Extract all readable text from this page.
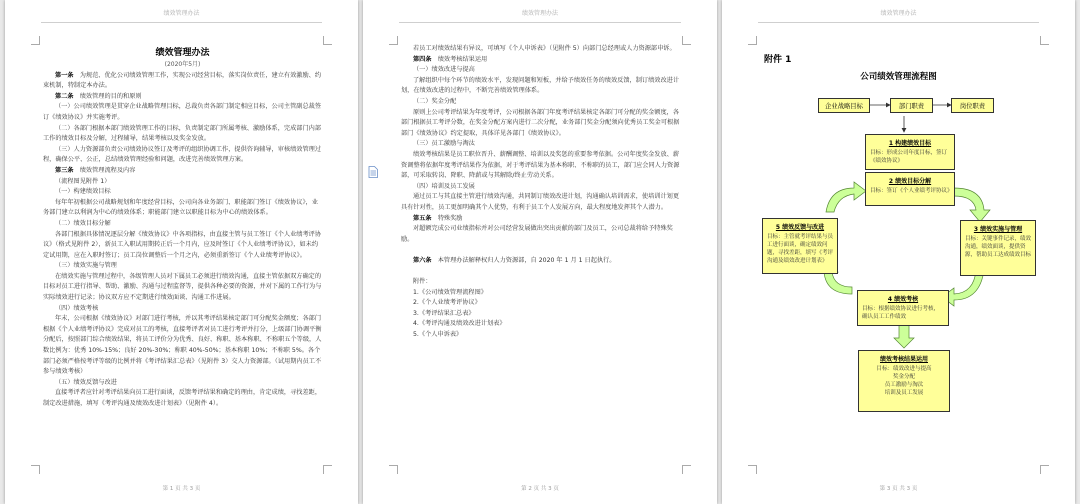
绩效管理办法

绩效管理办法

(2020年5月)

第一条　 为规范、优化公司绩效管理工作，实现公司经营目标，落实岗位责任，建立有效激励、约束机制，特制定本办法。

第二条　 绩效管理的目的和原则

（一）公司绩效管理是贯穿企业战略管理目标，总裁负责各部门制定相应目标，公司主管副总裁签订《绩效协议》并实施考评。

（二）各部门根据本部门绩效管理工作的目标，负责制定部门所属考核、激励体系，完成部门内部工作的绩效目标及分解，过程辅导，结果考核以及奖金发放。

（三）人力资源部负责公司绩效协议签订及考评的组织协调工作，提供咨询辅导，审核绩效管理过程，确保公平、公正，总结绩效管理经验和问题，改进完善绩效管理方案。

第三条　 绩效管理流程及内容

（流程图见附件 1）

（一）构建绩效目标

每年年初根据公司战略规划和年度经营目标，公司向各业务部门、职能部门签订《绩效协议》，业务部门建立以利润为中心的绩效体系；职能部门建立以职能目标为中心的绩效体系。

（二）绩效目标分解

各部门根据具体情况逐层分解《绩效协议》中各项指标，由直接主管与员工签订《个人业绩考评协议》（格式见附件 2），新员工入职试用期转正后一个月内，应及时签订《个人业绩考评协议》，如未约定试用期，应在入职时签订；员工岗位调整后一个月之内，必须重新签订《个人业绩考评协议》。

（三）绩效实施与管理

在绩效实施与管理过程中，各级管理人员对下属员工必须进行绩效沟通，直接主管依据双方确定的目标对员工进行指导、帮助、激励、沟通与过程监督等，提供各种必要的资源，并对下属的工作行为与实际绩效进行记录；协议双方应不定期进行绩效面谈、沟通工作进展。

（四）绩效考核

年末，公司根据《绩效协议》对部门进行考核，并以其考评结果核定部门可分配奖金额度；各部门根据《个人业绩考评协议》完成对员工的考核，直接考评者对员工进行考评并打分，上级部门协调平衡分配后，按照部门综合绩效结果，将员工评价分为优秀、良好、称职、基本称职、不称职五个等级，人数比例为：优秀 10%-15%；良好 20%-30%；称职 40%-50%；基本称职 10%；不称职 5%。各个部门必须严格按考评等级的比例并将《考评结果汇总表》（见附件 3）交人力资源部。（试用期内员工不参与绩效考核）

（五）绩效反馈与改进

直接考评者应针对考评结果向员工进行面谈，反馈考评结果和确定的理由，肯定成绩，寻找差距，制定改进措施，填写《考评沟通及绩效改进计划表》（见附件 4）。

第 1 页 共 3 页
绩效管理办法

若员工对绩效结果有异议，可填写《个人申诉表》（见附件 5）向部门总经理或人力资源部申诉。

第四条　 绩效考核结果运用

（一）绩效改进与提高

了解组织中每个环节的绩效水平，发现问题和短板，并给予绩效任务的绩效反馈，制订绩效改进计划，在绩效改进的过程中，不断完善绩效管理体系。

（二）奖金分配

原则上公司考评结果为年度考评，公司根据各部门年度考评结果核定各部门可分配的奖金额度，各部门根据员工考评分数，在奖金分配方案内进行二次分配，业务部门奖金分配须向优秀员工奖金可根据部门《绩效协议》约定提取，具体详见各部门《绩效协议》。

（三）员工激励与淘汰

绩效考核结果是员工职位晋升、薪酬调整、培训以及奖惩的重要参考依据。公司年度奖金发放、薪资调整将依据年度考评结果作为依据，对于考评结果为基本称职、不称职的员工，部门应会同人力资源部，可采取转岗、降职、降薪或与其解除/终止劳动关系。

（四）培训及员工发展

通过员工与其直接主管进行绩效沟通，共同制订绩效改进计划，沟通确认培训需求，使培训计划更具有针对性，员工更加明确其个人优势，有利于员工个人发展方向，最大程度地发挥其个人潜力。

第五条　 特殊奖励

对超额完成公司业绩指标并对公司经营发展做出突出贡献的部门及员工，公司总裁将给予特殊奖励。

第六条　 本管理办法解释权归人力资源部，自 2020 年 1 月 1 日起执行。

附件：

1.《公司绩效管理流程图》

2.《个人业绩考评协议》

3.《考评结果汇总表》

4.《考评沟通及绩效改进计划表》

5.《个人申诉表》

第 2 页 共 3 页
绩效管理办法
附件 1
公司绩效管理流程图
企业战略目标	部门职责	岗位职责
1 构建绩效目标
目标：形成公司年度目标，签订《绩效协议》
2 绩效目标分解
目标：签订《个人业绩考评协议》
3 绩效实施与管理
目标：关键事件记录，绩效沟通，绩效面谈，提供资源，帮助员工达成绩效目标
4 绩效考核
目标：根据绩效协议进行考核，确认员工工作绩效
5 绩效反馈与改进
目标：主管就考评结果与员工进行面谈，确定绩效问题，寻找差距，填写《考评沟通及绩效改进计划表》
绩效考核结果运用
目标：绩效改进与提高
奖金分配
员工激励与淘汰
培训及员工发展
第 3 页 共 3 页
